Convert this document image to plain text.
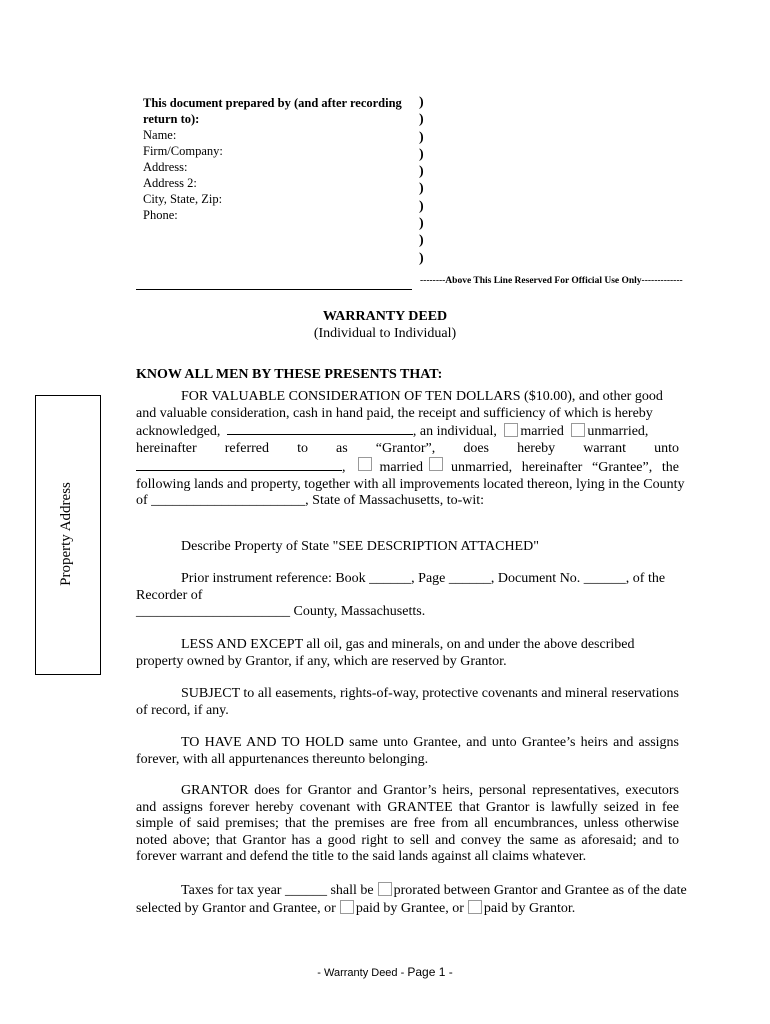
This document prepared by (and after recording
return to):
Name:
Firm/Company:
Address:
Address 2:
City, State, Zip:
Phone:
)
)
)
)
)
)
)
)
)
)
--------Above This Line Reserved For Official Use Only-------------
WARRANTY DEED
(Individual to Individual)
KNOW ALL MEN BY THESE PRESENTS THAT:
FOR VALUABLE CONSIDERATION OF TEN DOLLARS ($10.00), and other good
and valuable consideration, cash in hand paid, the receipt and sufficiency of which is hereby
acknowledged,	, an individual, married unmarried,
hereinafter referred to as “Grantor”, does hereby warrant unto
, married unmarried, hereinafter “Grantee”, the
following lands and property, together with all improvements located thereon, lying in the County
of ______________________, State of Massachusetts, to-wit:
Describe Property of State "SEE DESCRIPTION ATTACHED"
Prior instrument reference: Book ______, Page ______, Document No. ______, of the
Recorder of
______________________ County, Massachusetts.
LESS AND EXCEPT all oil, gas and minerals, on and under the above described property owned by Grantor, if any, which are reserved by Grantor.
SUBJECT to all easements, rights-of-way, protective covenants and mineral reservations of record, if any.
TO HAVE AND TO HOLD same unto Grantee, and unto Grantee’s heirs and assigns forever, with all appurtenances thereunto belonging.
GRANTOR does for Grantor and Grantor’s heirs, personal representatives, executors and assigns forever hereby covenant with GRANTEE that Grantor is lawfully seized in fee simple of said premises; that the premises are free from all encumbrances, unless otherwise noted above; that Grantor has a good right to sell and convey the same as aforesaid; and to forever warrant and defend the title to the said lands against all claims whatever.
Taxes for tax year ______ shall be prorated between Grantor and Grantee as of the date
selected by Grantor and Grantee, or paid by Grantee, or paid by Grantor.
Property Address
- Warranty Deed - Page 1 -
